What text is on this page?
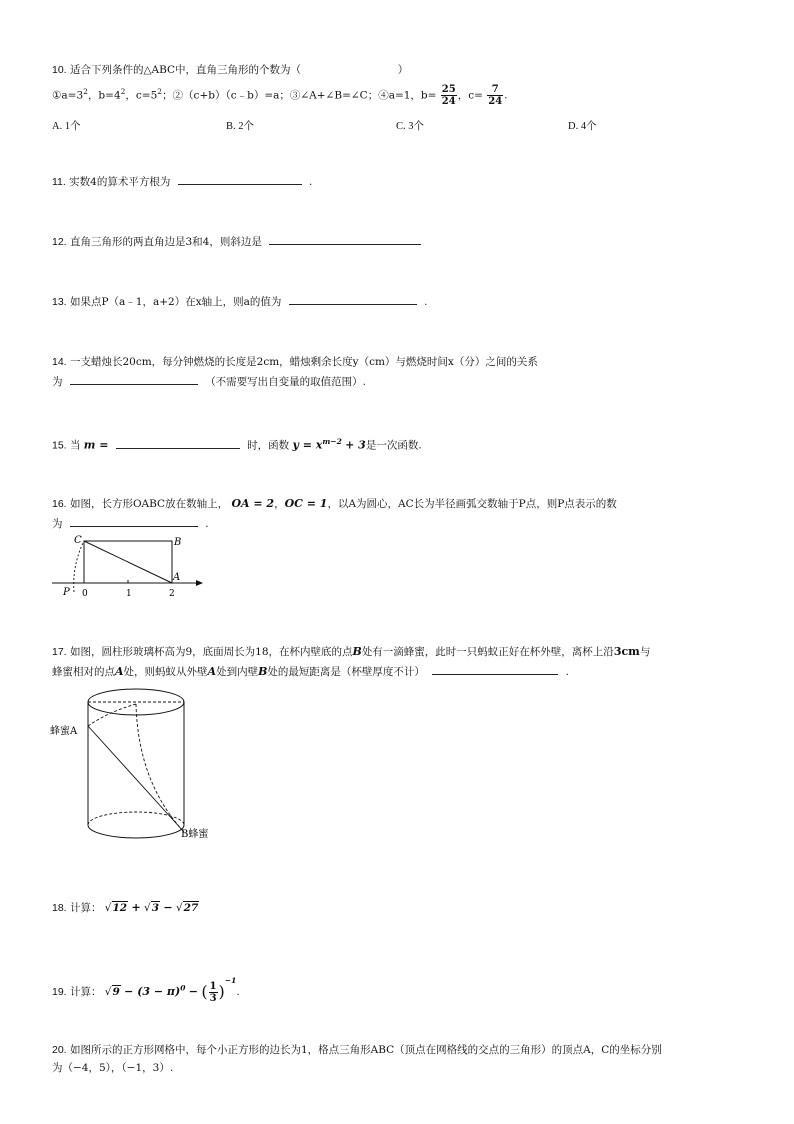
10. 适合下列条件的△ABC中，直角三角形的个数为（	）
$①a=3^2$，$b=4^2$，$c=5^2$；②（c+b）（c﹣b）=a；③∠A+∠B=∠C；④a=1，$b= \frac{25}{24}$ ，$c= \frac{7}{24}$ .
A. 1个	B. 2个	C. 3个	D. 4个
11. 实数4的算术平方根为	.
12. 直角三角形的两直角边是3和4，则斜边是
13. 如果点P（a﹣1，a+2）在x轴上，则a的值为	.
14. 一支蜡烛长20cm，每分钟燃烧的长度是2cm，蜡烛剩余长度y（cm）与燃烧时间x（分）之间的关系
为	（不需要写出自变量的取值范围）.
15. 当 m =	时，函数 $y = x^{m-2} + 3$是一次函数.
16. 如图，长方形OABC放在数轴上， OA = 2，OC = 1，以A为圆心，AC长为半径画弧交数轴于P点，则P点表示的数
为	.
C	B
A
P 0	1	2
17. 如图，圆柱形玻璃杯高为9，底面周长为18，在杯内壁底的点B处有一滴蜂蜜，此时一只蚂蚁正好在杯外壁，离杯上沿3cm与
蜂蜜相对的点A处，则蚂蚁从外壁A处到内壁B处的最短距离是（杯壁厚度不计）	.
蜂蜜A
B蜂蜜
18. 计算： √12 + √3 − √27
19. 计算： $√9 - (3 - \pi)^0$ − ( $\frac{1}{3} )^{-1}$.
20. 如图所示的正方形网格中，每个小正方形的边长为1，格点三角形ABC（顶点在网格线的交点的三角形）的顶点A，C的坐标分别
为（−4，5），（−1，3）.
